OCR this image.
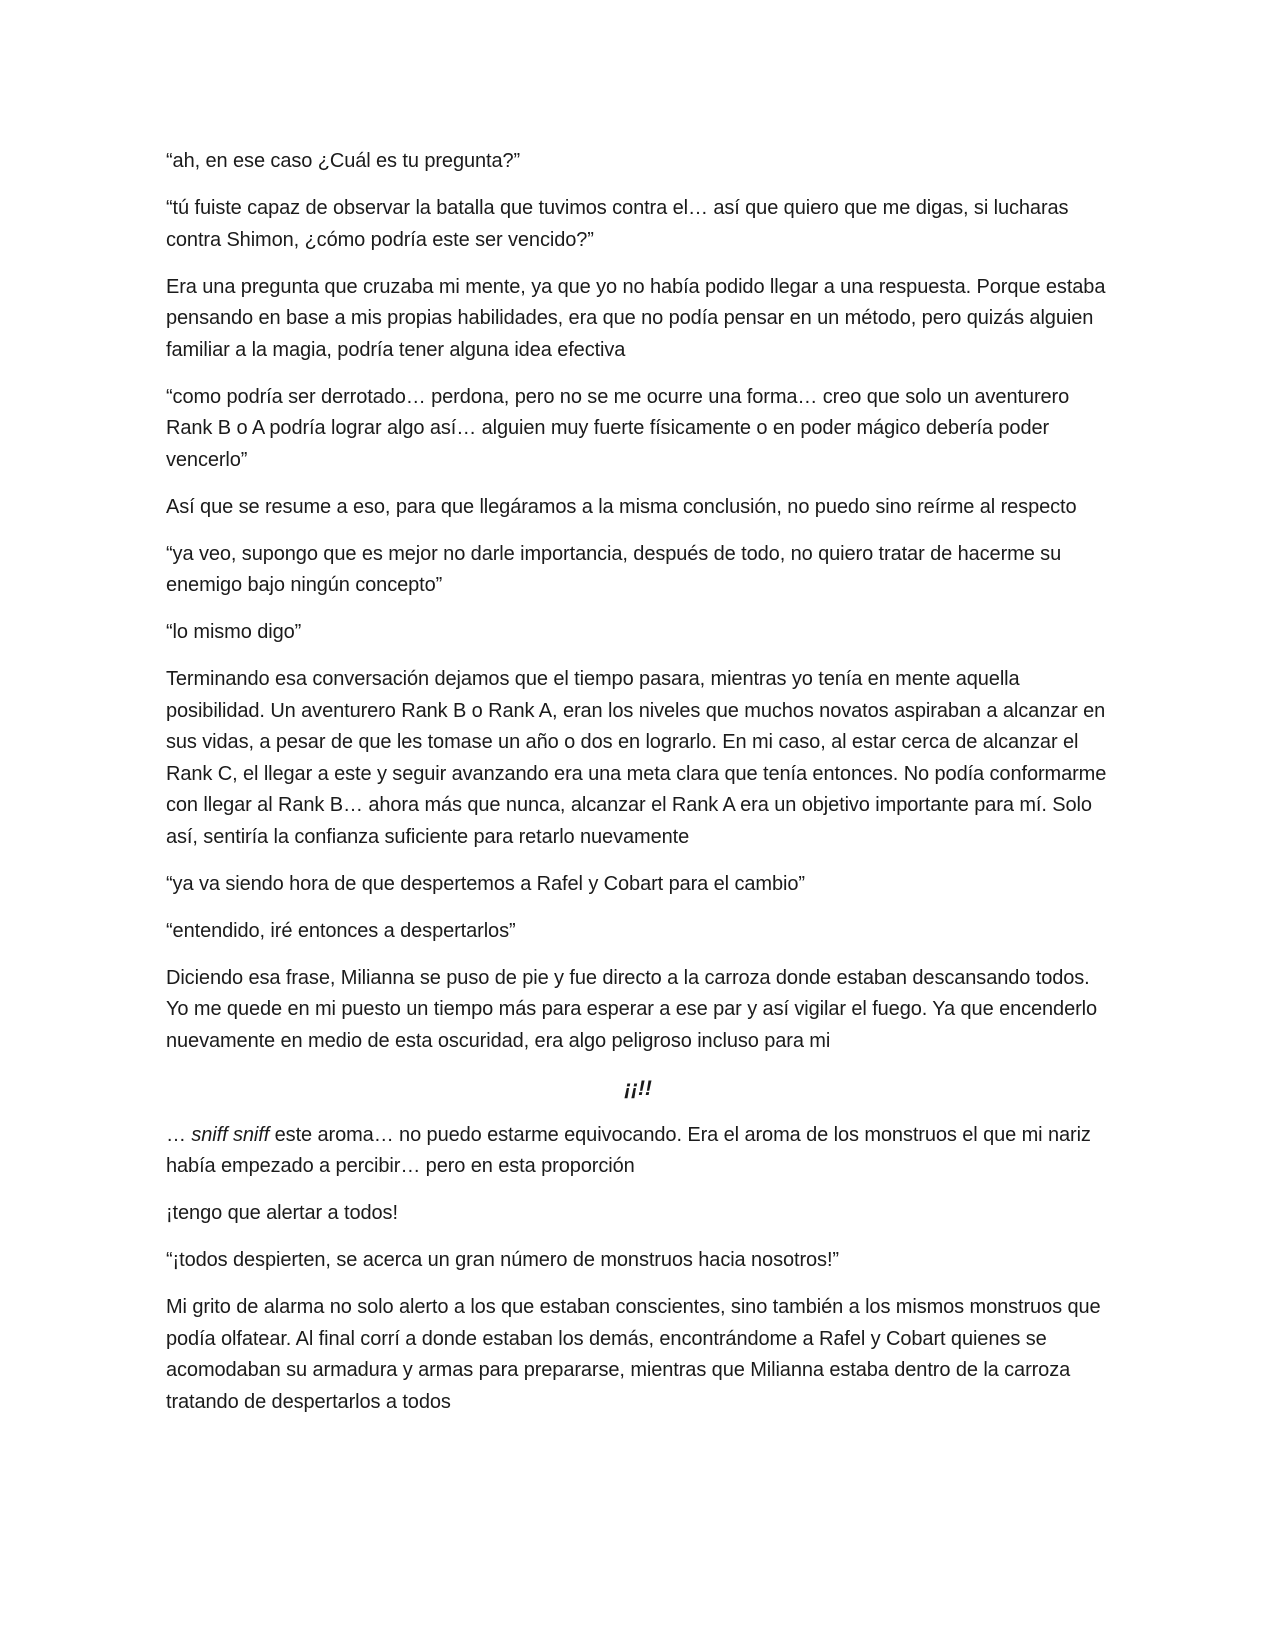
“ah, en ese caso ¿Cuál es tu pregunta?”

“tú fuiste capaz de observar la batalla que tuvimos contra el… así que quiero que me digas, si lucharas contra Shimon, ¿cómo podría este ser vencido?”

Era una pregunta que cruzaba mi mente, ya que yo no había podido llegar a una respuesta. Porque estaba pensando en base a mis propias habilidades, era que no podía pensar en un método, pero quizás alguien familiar a la magia, podría tener alguna idea efectiva

“como podría ser derrotado… perdona, pero no se me ocurre una forma… creo que solo un aventurero Rank B o A podría lograr algo así… alguien muy fuerte físicamente o en poder mágico debería poder vencerlo”

Así que se resume a eso, para que llegáramos a la misma conclusión, no puedo sino reírme al respecto

“ya veo, supongo que es mejor no darle importancia, después de todo, no quiero tratar de hacerme su enemigo bajo ningún concepto”

“lo mismo digo”

Terminando esa conversación dejamos que el tiempo pasara, mientras yo tenía en mente aquella posibilidad. Un aventurero Rank B o Rank A, eran los niveles que muchos novatos aspiraban a alcanzar en sus vidas, a pesar de que les tomase un año o dos en lograrlo. En mi caso, al estar cerca de alcanzar el Rank C, el llegar a este y seguir avanzando era una meta clara que tenía entonces. No podía conformarme con llegar al Rank B… ahora más que nunca, alcanzar el Rank A era un objetivo importante para mí. Solo así, sentiría la confianza suficiente para retarlo nuevamente

“ya va siendo hora de que despertemos a Rafel y Cobart para el cambio”

“entendido, iré entonces a despertarlos”

Diciendo esa frase, Milianna se puso de pie y fue directo a la carroza donde estaban descansando todos. Yo me quede en mi puesto un tiempo más para esperar a ese par y así vigilar el fuego. Ya que encenderlo nuevamente en medio de esta oscuridad, era algo peligroso incluso para mi

¡¡!!

… sniff sniff este aroma… no puedo estarme equivocando. Era el aroma de los monstruos el que mi nariz había empezado a percibir… pero en esta proporción

¡tengo que alertar a todos!

“¡todos despierten, se acerca un gran número de monstruos hacia nosotros!”

Mi grito de alarma no solo alerto a los que estaban conscientes, sino también a los mismos monstruos que podía olfatear. Al final corrí a donde estaban los demás, encontrándome a Rafel y Cobart quienes se acomodaban su armadura y armas para prepararse, mientras que Milianna estaba dentro de la carroza tratando de despertarlos a todos
